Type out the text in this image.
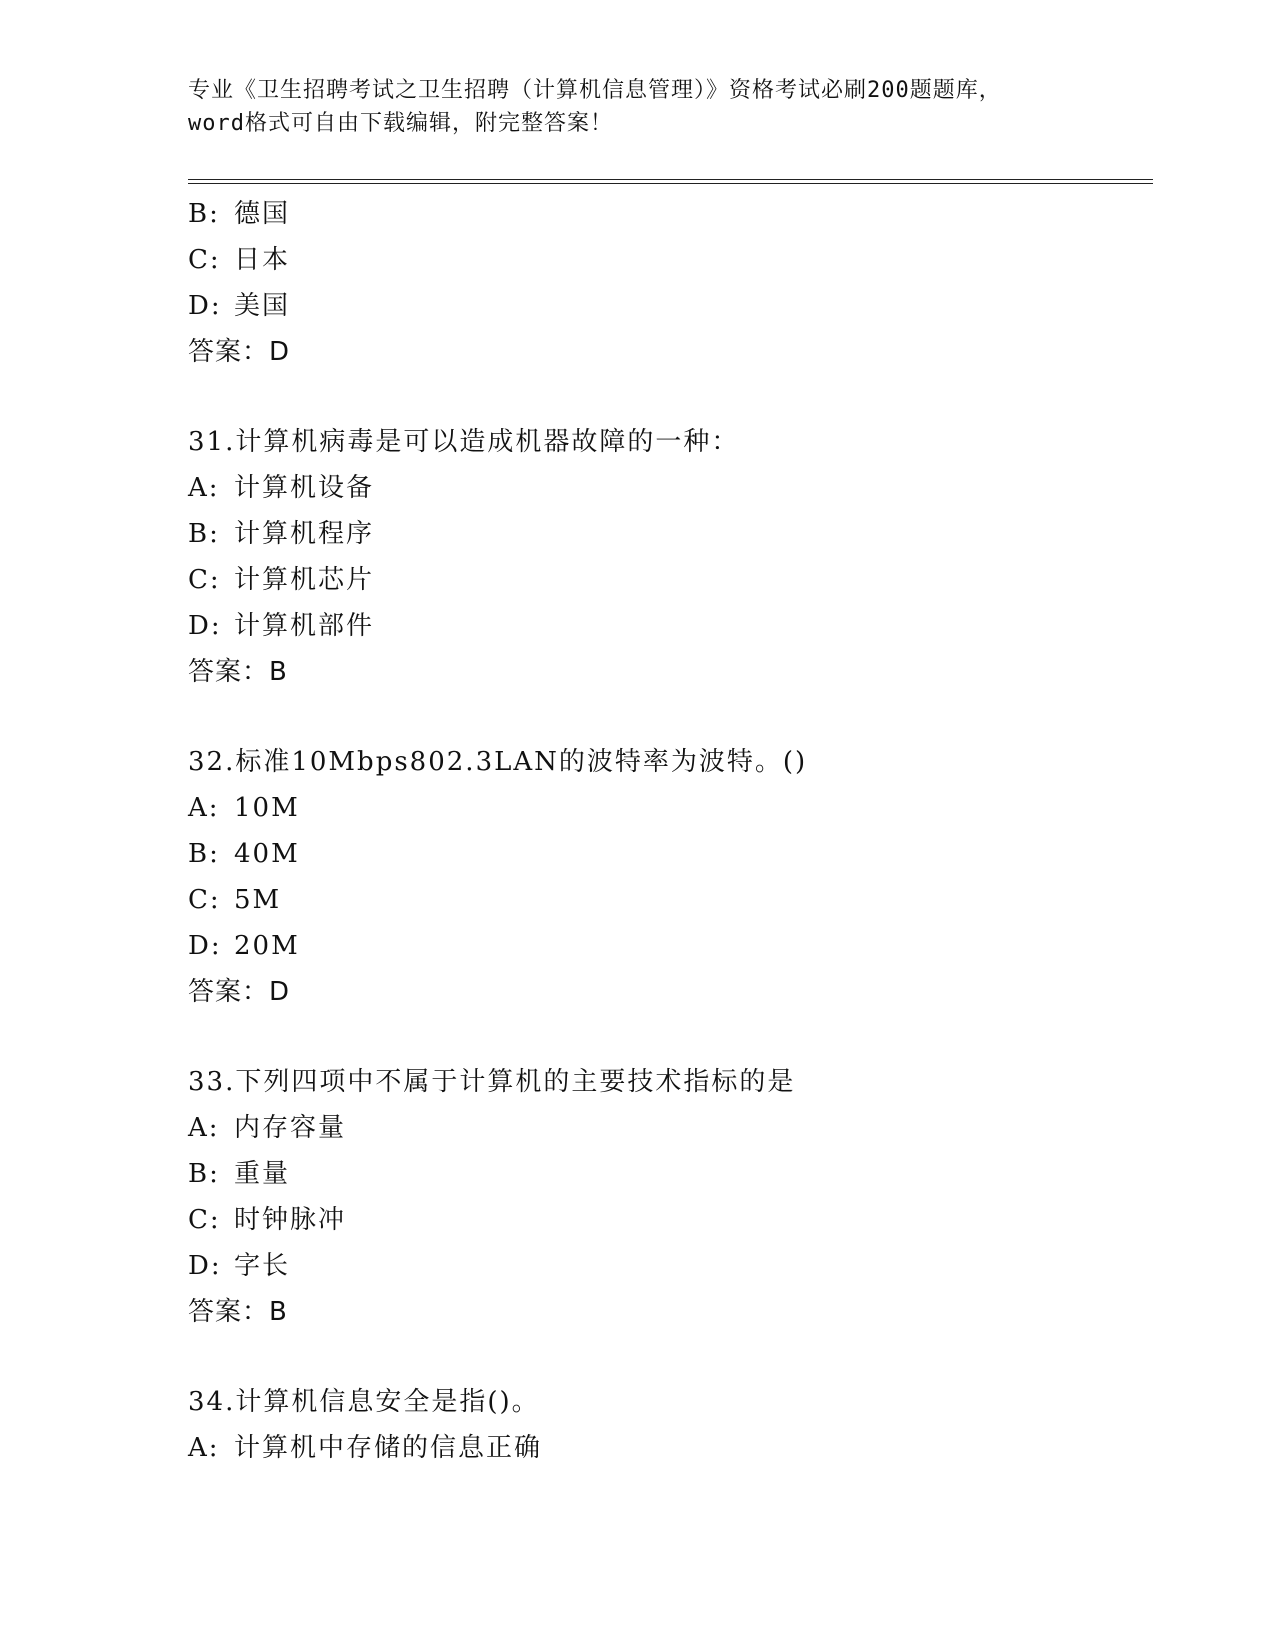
专业《卫生招聘考试之卫生招聘（计算机信息管理）》资格考试必刷200题题库，
word格式可自由下载编辑，附完整答案！
B: 德国
C: 日本
D: 美国
答案：D
31.计算机病毒是可以造成机器故障的一种：
A: 计算机设备
B: 计算机程序
C: 计算机芯片
D: 计算机部件
答案：B
32.标准10Mbps802.3LAN的波特率为波特。()
A: 10M
B: 40M
C: 5M
D: 20M
答案：D
33.下列四项中不属于计算机的主要技术指标的是
A: 内存容量
B: 重量
C: 时钟脉冲
D: 字长
答案：B
34.计算机信息安全是指()。
A: 计算机中存储的信息正确
